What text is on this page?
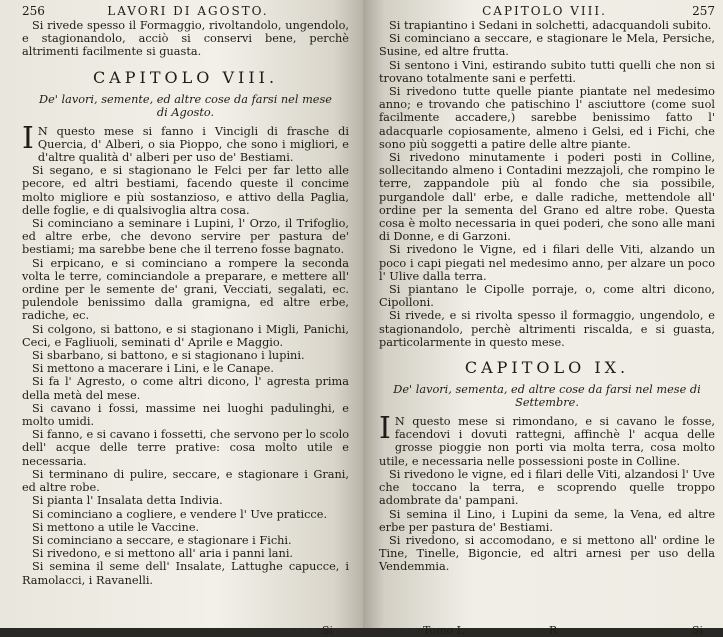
256	LAVORI DI AGOSTO.

Si rivede spesso il Formaggio, rivoltandolo, ungendolo, e stagionandolo, acciò si conservi bene, perchè altrimenti facilmente si guasta.

CAPITOLO VIII.
De' lavori, semente, ed altre cose da farsi nel mese di Agosto.

I N questo mese si fanno i Vincigli di frasche di Quercia, d' Alberi, o sia Pioppo, che sono i migliori, e d'altre qualità d' alberi per uso de' Bestiami.

Si segano, e si stagionano le Felci per far letto alle pecore, ed altri bestiami, facendo queste il concime molto migliore e più sostanzioso, e attivo della Paglia, delle foglie, e di qualsivoglia altra cosa.

Si cominciano a seminare i Lupini, l' Orzo, il Trifoglio, ed altre erbe, che devono servire per pastura de' bestiami; ma sarebbe bene che il terreno fosse bagnato.

Si erpicano, e si cominciano a rompere la seconda volta le terre, cominciandole a preparare, e mettere all' ordine per le semente de' grani, Vecciati, segalati, ec. pulendole benissimo dalla gramigna, ed altre erbe, radiche, ec.

Si colgono, si battono, e si stagionano i Migli, Panichi, Ceci, e Fagliuoli, seminati d' Aprile e Maggio.

Si sbarbano, si battono, e si stagionano i lupini.

Si mettono a macerare i Lini, e le Canape.

Si fa l' Agresto, o come altri dicono, l' agresta prima della metà del mese.

Si cavano i fossi, massime nei luoghi padulinghi, e molto umidi.

Si fanno, e si cavano i fossetti, che servono per lo scolo dell' acque delle terre prative: cosa molto utile e necessaria.

Si terminano di pulire, seccare, e stagionare i Grani, ed altre robe.

Si pianta l' Insalata detta Indivia.

Si cominciano a cogliere, e vendere l' Uve praticce.

Si mettono a utile le Vaccine.

Si cominciano a seccare, e stagionare i Fichi.

Si rivedono, e si mettono all' aria i panni lani.

Si semina il seme dell' Insalate, Lattughe capucce, i Ramolacci, i Ravanelli.

Si
CAPITOLO VIII.	257

Si trapiantino i Sedani in solchetti, adacquandoli subito.

Si cominciano a seccare, e stagionare le Mela, Persiche, Susine, ed altre frutta.

Si sentono i Vini, estirando subito tutti quelli che non si trovano totalmente sani e perfetti.

Si rivedono tutte quelle piante piantate nel medesimo anno; e trovando che patischino l' asciuttore (come suol facilmente accadere,) sarebbe benissimo fatto l' adacquarle copiosamente, almeno i Gelsi, ed i Fichi, che sono più soggetti a patire delle altre piante.

Si rivedono minutamente i poderi posti in Colline, sollecitando almeno i Contadini mezzajoli, che rompino le terre, zappandole più al fondo che sia possibile, purgandole dall' erbe, e dalle radiche, mettendole all' ordine per la sementa del Grano ed altre robe. Questa cosa è molto necessaria in quei poderi, che sono alle mani di Donne, e di Garzoni.

Si rivedono le Vigne, ed i filari delle Viti, alzando un poco i capi piegati nel medesimo anno, per alzare un poco l' Ulive dalla terra.

Si piantano le Cipolle porraje, o, come altri dicono, Cipolloni.

Si rivede, e si rivolta spesso il formaggio, ungendolo, e stagionandolo, perchè altrimenti riscalda, e si guasta, particolarmente in questo mese.

CAPITOLO IX.
De' lavori, sementa, ed altre cose da farsi nel mese di Settembre.

I N questo mese si rimondano, e si cavano le fosse, facendovi i dovuti rattegni, affinchè l' acqua delle grosse pioggie non porti via molta terra, cosa molto utile, e necessaria nelle possessioni poste in Colline.

Si rivedono le vigne, ed i filari delle Viti, alzandosi l' Uve che toccano la terra, e scoprendo quelle troppo adombrate da' pampani.

Si semina il Lino, i Lupini da seme, la Vena, ed altre erbe per pastura de' Bestiami.

Si rivedono, si accomodano, e si mettono all' ordine le Tine, Tinelle, Bigoncie, ed altri arnesi per uso della Vendemmia.

Tomo I.	R	Si
